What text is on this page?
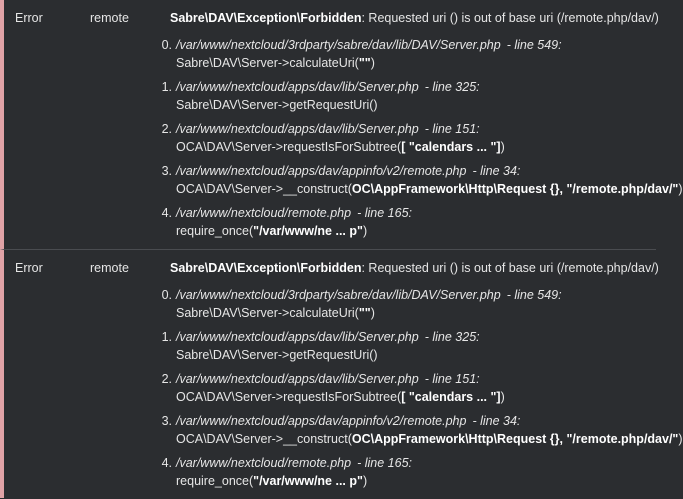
Error	remote	Sabre\DAV\Exception\Forbidden: Requested uri () is out of base uri (/remote.php/dav/)
0. /var/www/nextcloud/3rdparty/sabre/dav/lib/DAV/Server.php - line 549:
Sabre\DAV\Server->calculateUri("")
1. /var/www/nextcloud/apps/dav/lib/Server.php - line 325:
Sabre\DAV\Server->getRequestUri()
2. /var/www/nextcloud/apps/dav/lib/Server.php - line 151:
OCA\DAV\Server->requestIsForSubtree([ "calendars ... "])
3. /var/www/nextcloud/apps/dav/appinfo/v2/remote.php - line 34:
OCA\DAV\Server->__construct(OC\AppFramework\Http\Request {}, "/remote.php/dav/")
4. /var/www/nextcloud/remote.php - line 165:
require_once("/var/www/ne ... p")
Error	remote	Sabre\DAV\Exception\Forbidden: Requested uri () is out of base uri (/remote.php/dav/)
0. /var/www/nextcloud/3rdparty/sabre/dav/lib/DAV/Server.php - line 549:
Sabre\DAV\Server->calculateUri("")
1. /var/www/nextcloud/apps/dav/lib/Server.php - line 325:
Sabre\DAV\Server->getRequestUri()
2. /var/www/nextcloud/apps/dav/lib/Server.php - line 151:
OCA\DAV\Server->requestIsForSubtree([ "calendars ... "])
3. /var/www/nextcloud/apps/dav/appinfo/v2/remote.php - line 34:
OCA\DAV\Server->__construct(OC\AppFramework\Http\Request {}, "/remote.php/dav/")
4. /var/www/nextcloud/remote.php - line 165:
require_once("/var/www/ne ... p")
